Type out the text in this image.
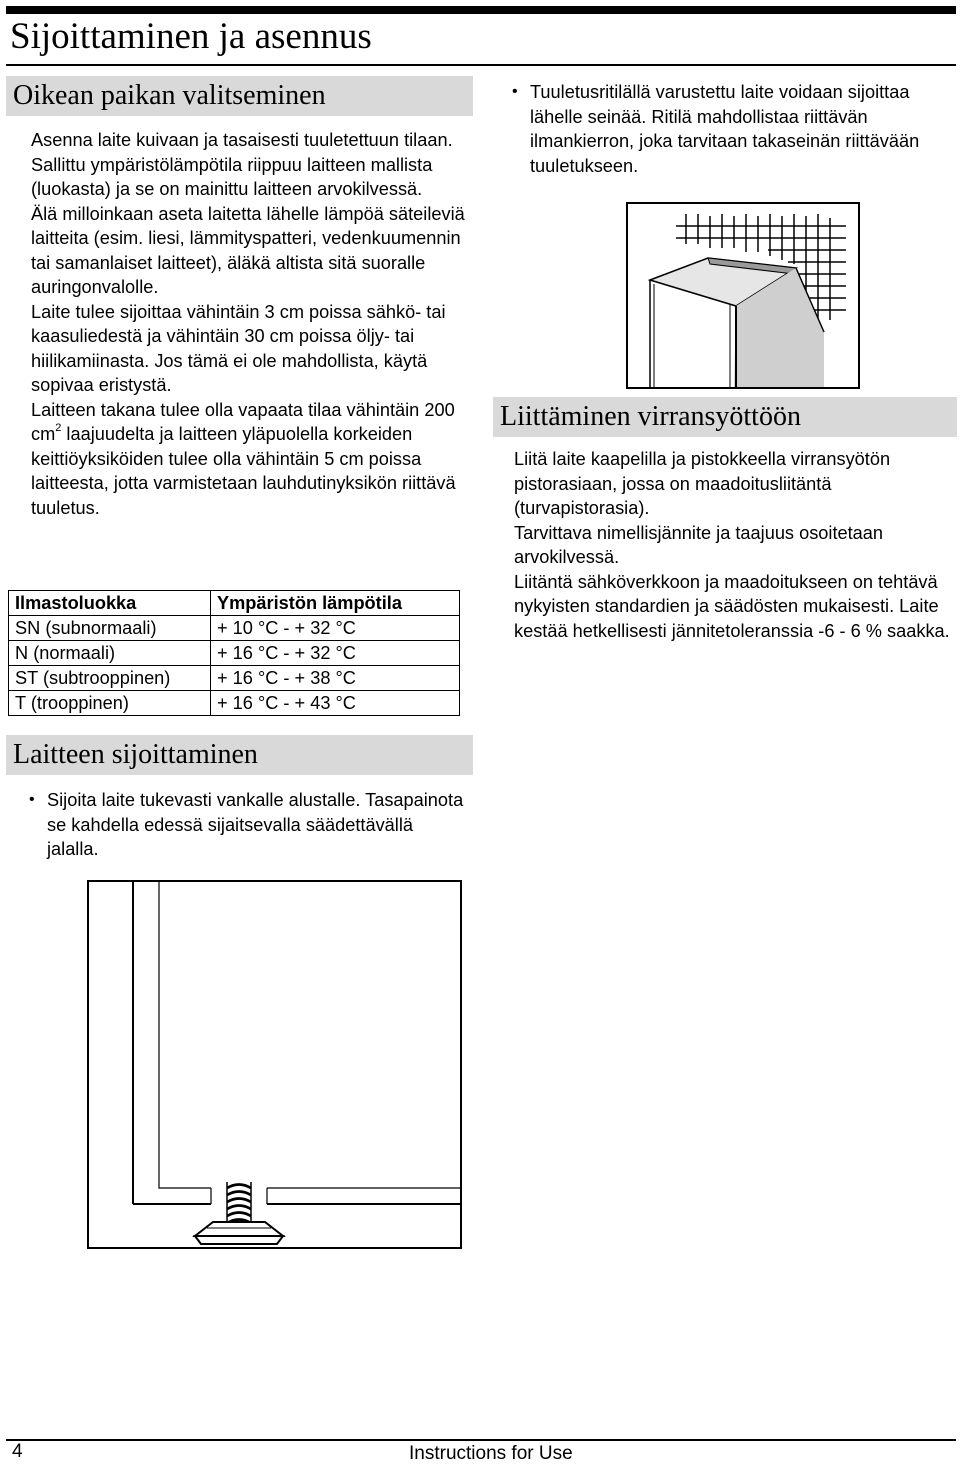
Sijoittaminen ja asennus
Oikean paikan valitseminen

Asenna laite kuivaan ja tasaisesti tuuletettuun tilaan. Sallittu ympäristölämpötila riippuu laitteen mallista (luokasta) ja se on mainittu laitteen arvokilvessä.

Älä milloinkaan aseta laitetta lähelle lämpöä säteileviä laitteita (esim. liesi, lämmityspatteri, vedenkuumennin tai samanlaiset laitteet), äläkä altista sitä suoralle auringonvalolle.

Laite tulee sijoittaa vähintäin 3 cm poissa sähkö- tai kaasuliedestä ja vähintäin 30 cm poissa öljy- tai hiilikamiinasta. Jos tämä ei ole mahdollista, käytä sopivaa eristystä.

Laitteen takana tulee olla vapaata tilaa vähintäin 200 $cm^2$ laajuudelta ja laitteen yläpuolella korkeiden keittiöyksiköiden tulee olla vähintäin 5 cm poissa laitteesta, jotta varmistetaan lauhdutinyksikön riittävä tuuletus.

Ilmastoluokka	Ympäristön lämpötila
SN (subnormaali)	+ 10 °C - + 32 °C
N (normaali)	+ 16 °C - + 32 °C
ST (subtrooppinen)	+ 16 °C - + 38 °C
T (trooppinen)	+ 16 °C - + 43 °C
Laitteen sijoittaminen
• Sijoita laite tukevasti vankalle alustalle. Tasapainota se kahdella edessä sijaitsevalla säädettävällä jalalla.

• Tuuletusritilällä varustettu laite voidaan sijoittaa lähelle seinää. Ritilä mahdollistaa riittävän ilmankierron, joka tarvitaan takaseinän riittävään tuuletukseen.

Liittäminen virransyöttöön

Liitä laite kaapelilla ja pistokkeella virransyötön pistorasiaan, jossa on maadoitusliitäntä (turvapistorasia).

Tarvittava nimellisjännite ja taajuus osoitetaan arvokilvessä.

Liitäntä sähköverkkoon ja maadoitukseen on tehtävä nykyisten standardien ja säädösten mukaisesti. Laite kestää hetkellisesti jännitetoleranssia -6 - 6 % saakka.

4	Instructions for Use
